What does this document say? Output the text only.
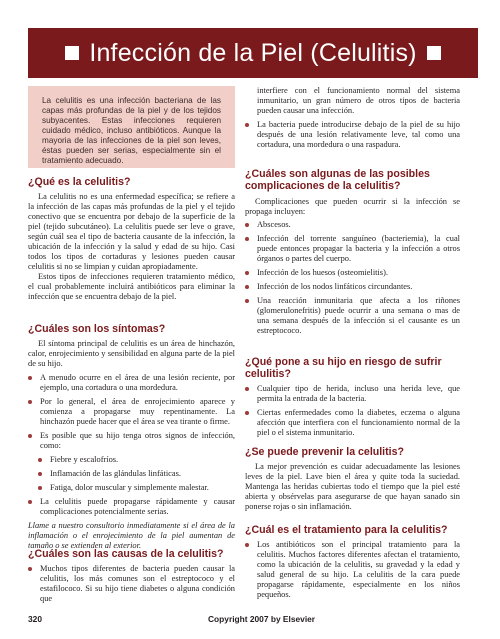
Infección de la Piel (Celulitis)

La celulitis es una infección bacteriana de las capas más profundas de la piel y de los tejidos subyacentes. Estas infecciones requieren cuidado médico, incluso antibióticos. Aunque la mayoria de las infecciones de la piel son leves, éstas pueden ser serias, especialmente sin el tratamiento adecuado.

¿Qué es la celulitis?

La celulitis no es una enfermedad específica; se refiere a la infección de las capas más profundas de la piel y el tejido conectivo que se encuentra por debajo de la superficie de la piel (tejido subcutáneo). La celulitis puede ser leve o grave, según cuál sea el tipo de bacteria causante de la infección, la ubicación de la infección y la salud y edad de su hijo. Casi todos los tipos de cortaduras y lesiones pueden causar celulitis si no se limpian y cuidan apropiadamente.

Estos tipos de infecciones requieren tratamiento médico, el cual probablemente incluirá antibióticos para eliminar la infección que se encuentra debajo de la piel.

¿Cuáles son los síntomas?

El síntoma principal de celulitis es un área de hinchazón, calor, enrojecimiento y sensibilidad en alguna parte de la piel de su hijo.

A menudo ocurre en el área de una lesión reciente, por ejemplo, una cortadura o una mordedura.
Por lo general, el área de enrojecimiento aparece y comienza a propagarse muy repentinamente. La hinchazón puede hacer que el área se vea tirante o firme.
Es posible que su hijo tenga otros signos de infección, como:
Fiebre y escalofríos.
Inflamación de las glándulas linfáticas.
Fatiga, dolor muscular y simplemente malestar.
La celulitis puede propagarse rápidamente y causar complicaciones potencialmente serias.

Llame a nuestro consultorio inmediatamente si el área de la inflamación o el enrojecimiento de la piel aumentan de tamaño o se extienden al exterior.

¿Cuáles son las causas de la celulitis?
Muchos tipos diferentes de bacteria pueden causar la celulitis, los más comunes son el estreptococo y el estafilococo. Si su hijo tiene diabetes o alguna condición que

interfiere con el funcionamiento normal del sistema inmunitario, un gran número de otros tipos de bacteria pueden causar una infección.

La bacteria puede introducirse debajo de la piel de su hijo después de una lesión relativamente leve, tal como una cortadura, una mordedura o una raspadura.
¿Cuáles son algunas de las posibles complicaciones de la celulitis?

Complicaciones que pueden ocurrir si la infección se propaga incluyen:

Abscesos.
Infección del torrente sanguíneo (bacteriemia), la cual puede entonces propagar la bacteria y la infección a otros órganos o partes del cuerpo.
Infección de los huesos (osteomielitis).
Infección de los nodos linfáticos circundantes.
Una reacción inmunitaria que afecta a los riñones (glomerulonefritis) puede ocurrir a una semana o mas de una semana después de la infección si el causante es un estreptococo.
¿Qué pone a su hijo en riesgo de sufrir celulitis?
Cualquier tipo de herida, incluso una herida leve, que permita la entrada de la bacteria.
Ciertas enfermedades como la diabetes, eczema o alguna afección que interfiera con el funcionamiento normal de la piel o el sistema inmunitario.
¿Se puede prevenir la celulitis?

La mejor prevención es cuidar adecuadamente las lesiones leves de la piel. Lave bien el área y quite toda la suciedad. Mantenga las heridas cubiertas todo el tiempo que la piel esté abierta y obsérvelas para asegurarse de que hayan sanado sin ponerse rojas o sin inflamación.

¿Cuál es el tratamiento para la celulitis?
Los antibióticos son el principal tratamiento para la celulitis. Muchos factores diferentes afectan el tratamiento, como la ubicación de la celulitis, su gravedad y la edad y salud general de su hijo. La celulitis de la cara puede propagarse rápidamente, especialmente en los niños pequeños.
320	Copyright 2007 by Elsevier
